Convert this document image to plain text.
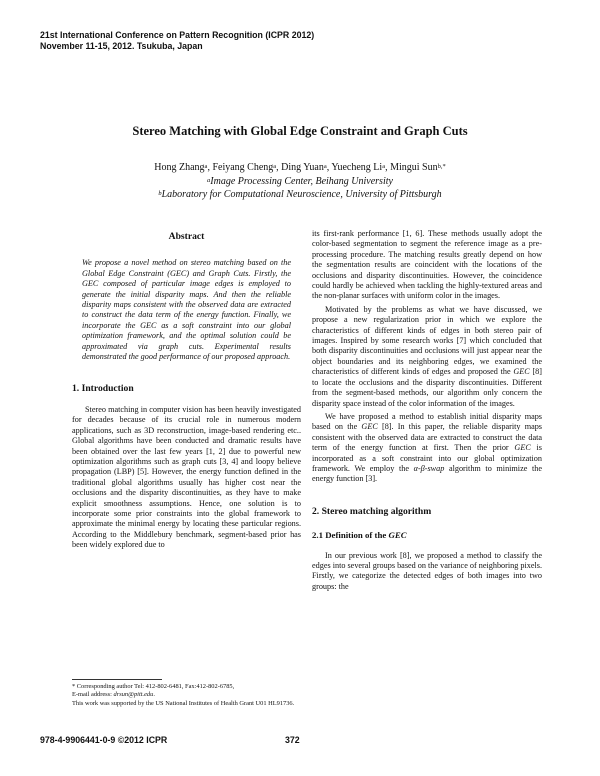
21st International Conference on Pattern Recognition (ICPR 2012)
November 11-15, 2012. Tsukuba, Japan
Stereo Matching with Global Edge Constraint and Graph Cuts
Hong Zhang$^a$, Feiyang Cheng$^a$, Ding Yuan$^a$, Yuecheng Li$^a$, Mingui Sun$^{b,*}$
$^a$Image Processing Center, Beihang University
$^b$Laboratory for Computational Neuroscience, University of Pittsburgh
Abstract

We propose a novel method on stereo matching based on the Global Edge Constraint (GEC) and Graph Cuts. Firstly, the GEC composed of particular image edges is employed to generate the initial disparity maps. And then the reliable disparity maps consistent with the observed data are extracted to construct the data term of the energy function. Finally, we incorporate the GEC as a soft constraint into our global optimization framework, and the optimal solution could be approximated via graph cuts. Experimental results demonstrated the good performance of our proposed approach.

1. Introduction

Stereo matching in computer vision has been heavily investigated for decades because of its crucial role in numerous modern applications, such as 3D reconstruction, image-based rendering etc.. Global algorithms have been conducted and dramatic results have been obtained over the last few years [1, 2] due to powerful new optimization algorithms such as graph cuts [3, 4] and loopy believe propagation (LBP) [5]. However, the energy function defined in the traditional global algorithms usually has higher cost near the occlusions and the disparity discontinuities, as they have to make explicit smoothness assumptions. Hence, one solution is to incorporate some prior constraints into the global framework to approximate the minimal energy by locating these particular regions. According to the Middlebury benchmark, segment-based prior has been widely explored due to

its first-rank performance [1, 6]. These methods usually adopt the color-based segmentation to segment the reference image as a pre-processing procedure. The matching results greatly depend on how the segmentation results are coincident with the locations of the occlusions and disparity discontinuities. However, the coincidence could hardly be achieved when tackling the highly-textured areas and the non-planar surfaces with uniform color in the images.

Motivated by the problems as what we have discussed, we propose a new regularization prior in which we explore the characteristics of different kinds of edges in both stereo pair of images. Inspired by some research works [7] which concluded that both disparity discontinuities and occlusions will just appear near the object boundaries and its neighboring edges, we examined the characteristics of different kinds of edges and proposed the GEC [8] to locate the occlusions and the disparity discontinuities. Different from the segment-based methods, our algorithm only concern the disparity space instead of the color information of the images.

We have proposed a method to establish initial disparity maps based on the GEC [8]. In this paper, the reliable disparity maps consistent with the observed data are extracted to construct the data term of the energy function at first. Then the prior GEC is incorporated as a soft constraint into our global optimization framework. We employ the α-β-swap algorithm to minimize the energy function [3].

2. Stereo matching algorithm
2.1 Definition of the GEC

In our previous work [8], we proposed a method to classify the edges into several groups based on the variance of neighboring pixels. Firstly, we categorize the detected edges of both images into two groups: the

* Corresponding author Tel: 412-802-6481, Fax:412-802-6785,
E-mail address: drsun@pitt.edu.
This work was supported by the US National Institutes of Health Grant U01 HL91736.
978-4-9906441-0-9 ©2012 ICPR	372
